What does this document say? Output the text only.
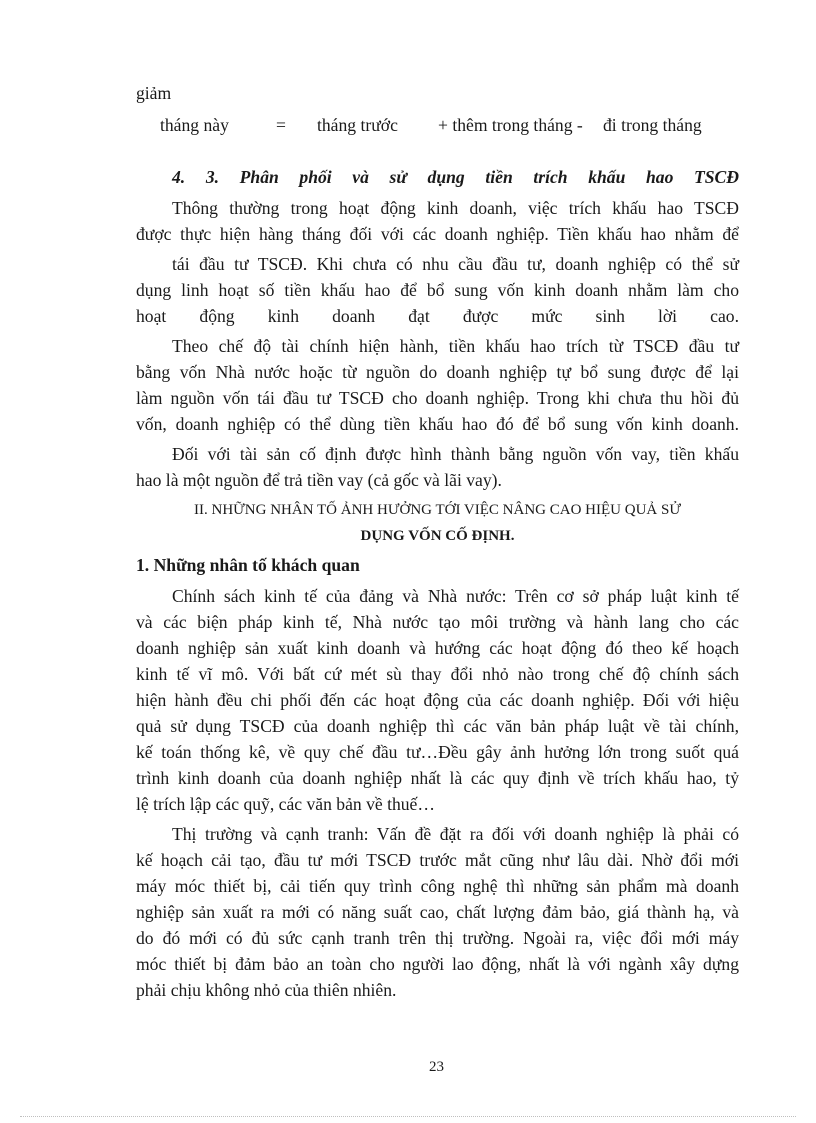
giảm
tháng này	= tháng trước + thêm trong tháng - đi trong tháng
4. 3. Phân phối và sử dụng tiền trích khấu hao TSCĐ
Thông thường trong hoạt động kinh doanh, việc trích khấu hao TSCĐ
được thực hiện hàng tháng đối với các doanh nghiệp. Tiền khấu hao nhằm để
tái đầu tư TSCĐ. Khi chưa có nhu cầu đầu tư, doanh nghiệp có thể sử
dụng linh hoạt số tiền khấu hao để bổ sung vốn kinh doanh nhằm làm cho
hoạt động kinh doanh đạt được mức sinh lời cao.
Theo chế độ tài chính hiện hành, tiền khấu hao trích từ TSCĐ đầu tư
bằng vốn Nhà nước hoặc từ nguồn do doanh nghiệp tự bổ sung được để lại
làm nguồn vốn tái đầu tư TSCĐ cho doanh nghiệp. Trong khi chưa thu hồi đủ
vốn, doanh nghiệp có thể dùng tiền khấu hao đó để bổ sung vốn kinh doanh.
Đối với tài sản cố định được hình thành bằng nguồn vốn vay, tiền khấu
hao là một nguồn để trả tiền vay (cả gốc và lãi vay).
II. NHỮNG NHÂN TỐ ẢNH HƯỞNG TỚI VIỆC NÂNG CAO HIỆU QUẢ SỬ
DỤNG VỐN CỐ ĐỊNH.
1. Những nhân tố khách quan
Chính sách kinh tế của đảng và Nhà nước: Trên cơ sở pháp luật kinh tế
và các biện pháp kinh tế, Nhà nước tạo môi trường và hành lang cho các
doanh nghiệp sản xuất kinh doanh và hướng các hoạt động đó theo kế hoạch
kinh tế vĩ mô. Với bất cứ mét sù thay đổi nhỏ nào trong chế độ chính sách
hiện hành đều chi phối đến các hoạt động của các doanh nghiệp. Đối với hiệu
quả sử dụng TSCĐ của doanh nghiệp thì các văn bản pháp luật về tài chính,
kế toán thống kê, về quy chế đầu tư…Đều gây ảnh hưởng lớn trong suốt quá
trình kinh doanh của doanh nghiệp nhất là các quy định về trích khấu hao, tỷ
lệ trích lập các quỹ, các văn bản về thuế…
Thị trường và cạnh tranh: Vấn đề đặt ra đối với doanh nghiệp là phải có
kế hoạch cải tạo, đầu tư mới TSCĐ trước mắt cũng như lâu dài. Nhờ đổi mới
máy móc thiết bị, cải tiến quy trình công nghệ thì những sản phẩm mà doanh
nghiệp sản xuất ra mới có năng suất cao, chất lượng đảm bảo, giá thành hạ, và
do đó mới có đủ sức cạnh tranh trên thị trường. Ngoài ra, việc đổi mới máy
móc thiết bị đảm bảo an toàn cho người lao động, nhất là với ngành xây dựng
phải chịu không nhỏ của thiên nhiên.
23
